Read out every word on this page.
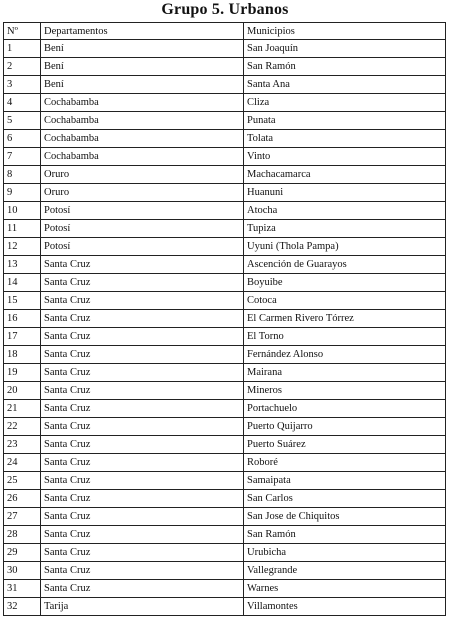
Grupo 5. Urbanos
Nº	Departamentos	Municipios
1	Bení	San Joaquín
2	Bení	San Ramón
3	Bení	Santa Ana
4	Cochabamba	Cliza
5	Cochabamba	Punata
6	Cochabamba	Tolata
7	Cochabamba	Vinto
8	Oruro	Machacamarca
9	Oruro	Huanuni
10	Potosí	Atocha
11	Potosí	Tupiza
12	Potosí	Uyuni (Thola Pampa)
13	Santa Cruz	Ascención de Guarayos
14	Santa Cruz	Boyuibe
15	Santa Cruz	Cotoca
16	Santa Cruz	El Carmen Rivero Tórrez
17	Santa Cruz	El Torno
18	Santa Cruz	Fernández Alonso
19	Santa Cruz	Mairana
20	Santa Cruz	Mineros
21	Santa Cruz	Portachuelo
22	Santa Cruz	Puerto Quijarro
23	Santa Cruz	Puerto Suárez
24	Santa Cruz	Roboré
25	Santa Cruz	Samaipata
26	Santa Cruz	San Carlos
27	Santa Cruz	San Jose de Chiquitos
28	Santa Cruz	San Ramón
29	Santa Cruz	Urubicha
30	Santa Cruz	Vallegrande
31	Santa Cruz	Warnes
32	Tarija	Villamontes
